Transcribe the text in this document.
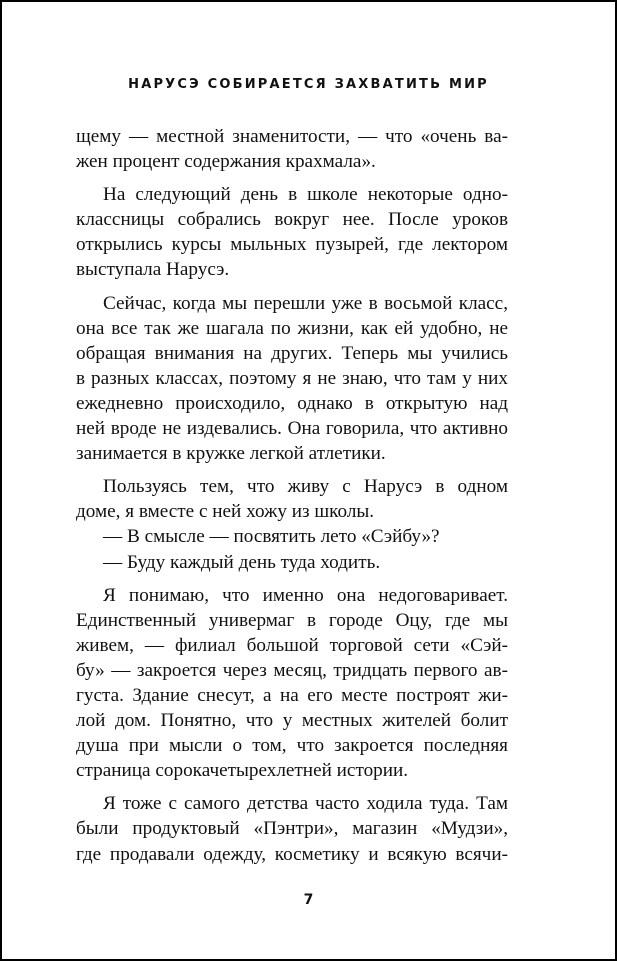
НАРУСЭ СОБИРАЕТСЯ ЗАХВАТИТЬ МИР
щему — местной знаменитости, — что «очень ва-
жен процент содержания крахмала».
На следующий день в школе некоторые одно-
классницы собрались вокруг нее. После уроков
открылись курсы мыльных пузырей, где лектором
выступала Нарусэ.
Сейчас, когда мы перешли уже в восьмой класс,
она все так же шагала по жизни, как ей удобно, не
обращая внимания на других. Теперь мы учились
в разных классах, поэтому я не знаю, что там у них
ежедневно происходило, однако в открытую над
ней вроде не издевались. Она говорила, что активно
занимается в кружке легкой атлетики.
Пользуясь тем, что живу с Нарусэ в одном
доме, я вместе с ней хожу из школы.
— В смысле — посвятить лето «Сэйбу»?
— Буду каждый день туда ходить.
Я понимаю, что именно она недоговаривает.
Единственный универмаг в городе Оцу, где мы
живем, — филиал большой торговой сети «Сэй-
бу» — закроется через месяц, тридцать первого ав-
густа. Здание снесут, а на его месте построят жи-
лой дом. Понятно, что у местных жителей болит
душа при мысли о том, что закроется последняя
страница сорокачетырехлетней истории.
Я тоже с самого детства часто ходила туда. Там
были продуктовый «Пэнтри», магазин «Мудзи»,
где продавали одежду, косметику и всякую всячи-
7
